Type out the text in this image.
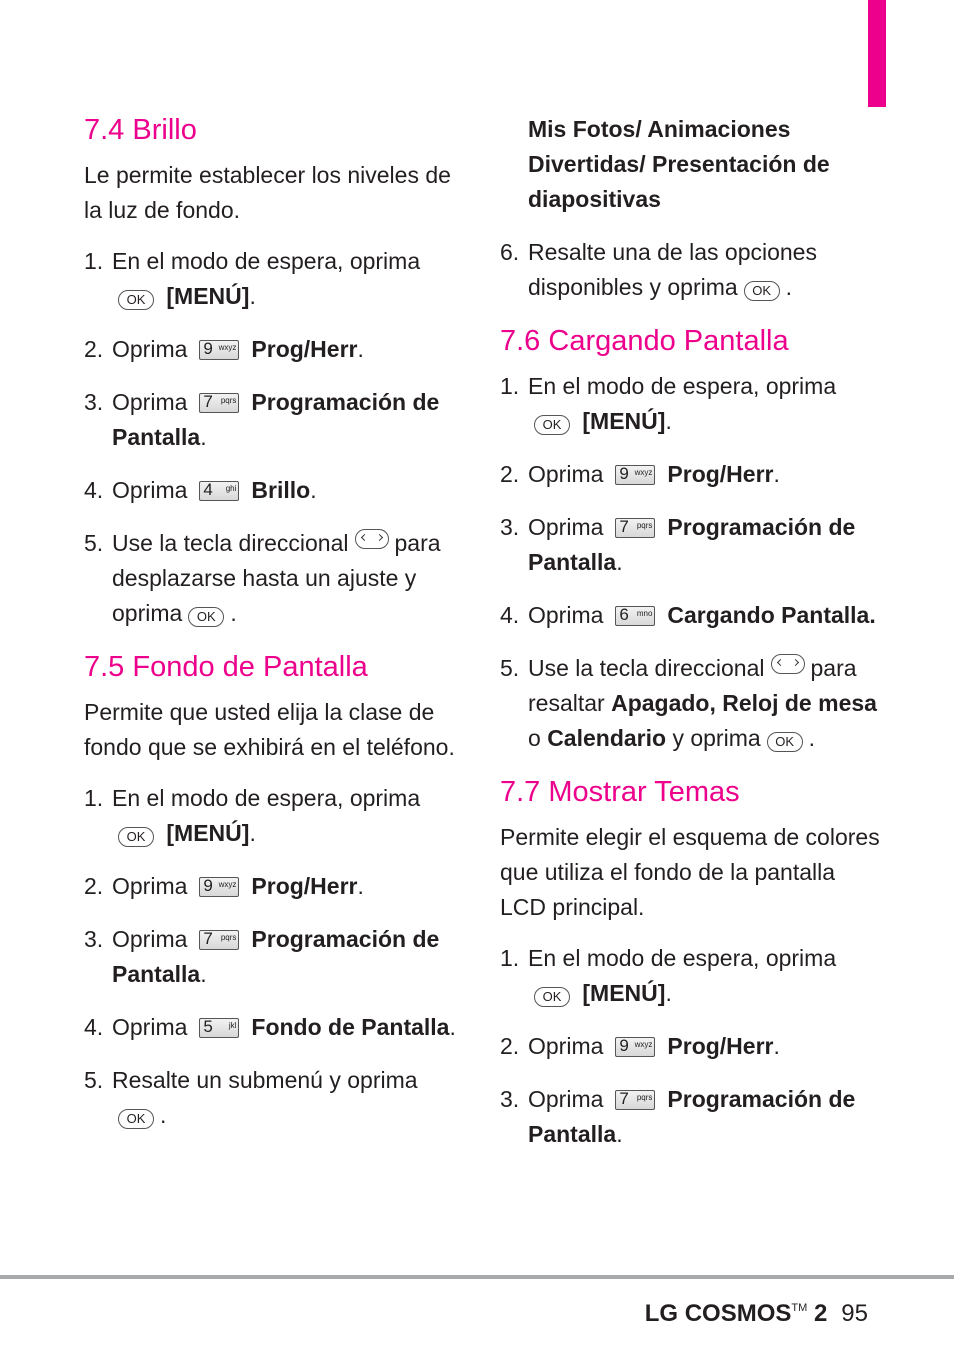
7.4 Brillo

Le permite establecer los niveles de la luz de fondo.

1. En el modo de espera, oprima
OK [MENÚ].
2. Oprima 9 wxyz Prog/Herr.
3. Oprima 7 pqrs Programación de Pantalla.
4. Oprima 4 ghi Brillo.
5. Use la tecla direccional para desplazarse hasta un ajuste y oprima OK .
7.5 Fondo de Pantalla

Permite que usted elija la clase de fondo que se exhibirá en el teléfono.

1. En el modo de espera, oprima
OK [MENÚ].
2. Oprima 9 wxyz Prog/Herr.
3. Oprima 7 pqrs Programación de Pantalla.
4. Oprima 5 jkl Fondo de Pantalla.
5. Resalte un submenú y oprima
OK .
Mis Fotos/ Animaciones Divertidas/ Presentación de diapositivas
6. Resalte una de las opciones disponibles y oprima OK .
7.6 Cargando Pantalla
1. En el modo de espera, oprima
OK [MENÚ].
2. Oprima 9 wxyz Prog/Herr.
3. Oprima 7 pqrs Programación de Pantalla.
4. Oprima 6 mno Cargando Pantalla.
5. Use la tecla direccional para resaltar Apagado, Reloj de mesa o Calendario y oprima OK .
7.7 Mostrar Temas

Permite elegir el esquema de colores que utiliza el fondo de la pantalla LCD principal.

1. En el modo de espera, oprima
OK [MENÚ].
2. Oprima 9 wxyz Prog/Herr.
3. Oprima 7 pqrs Programación de Pantalla.
LG COSMOS™ 2 95
